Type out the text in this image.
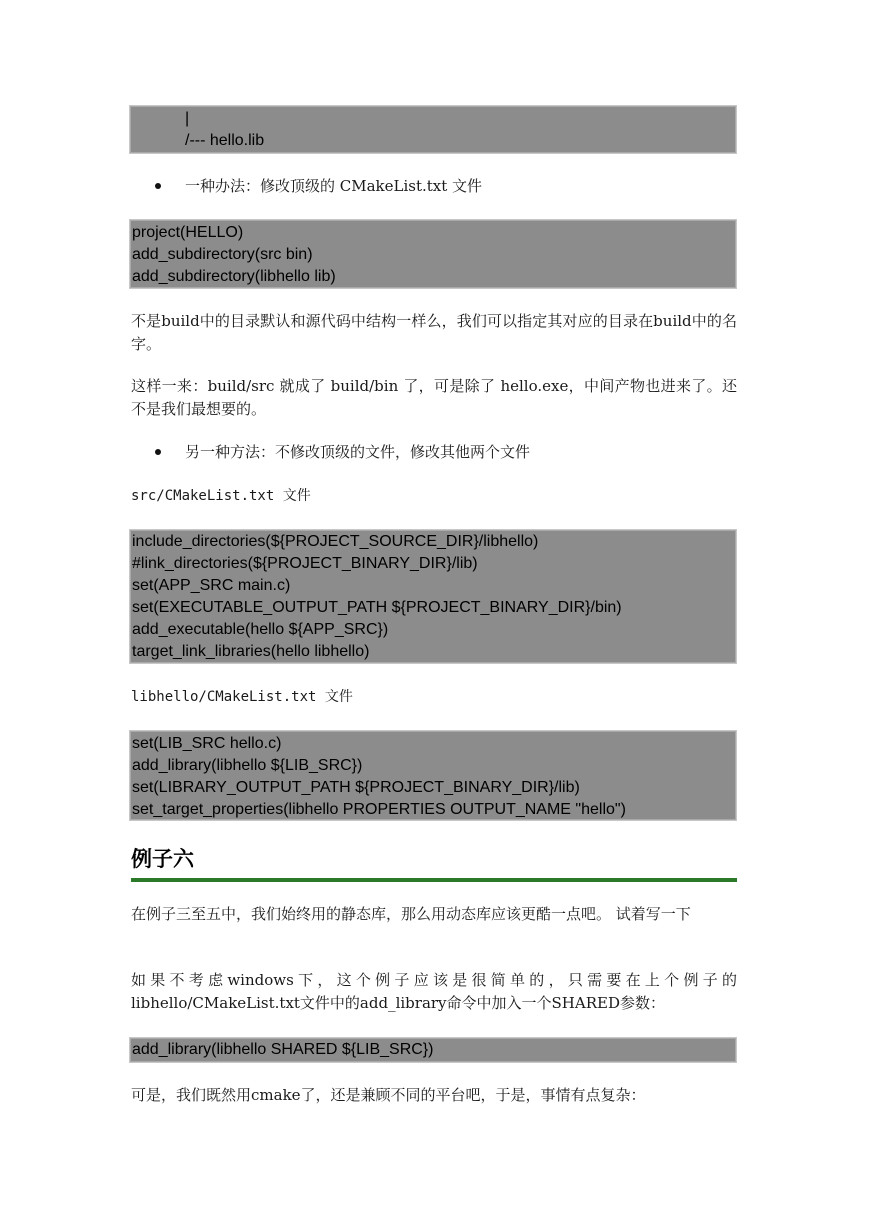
|
/--- hello.lib
一种办法：修改顶级的 CMakeList.txt 文件
project(HELLO)
add_subdirectory(src bin)
add_subdirectory(libhello lib)

不是build中的目录默认和源代码中结构一样么，我们可以指定其对应的目录在build中的名字。

这样一来：build/src 就成了 build/bin 了，可是除了 hello.exe，中间产物也进来了。还不是我们最想要的。

另一种方法：不修改顶级的文件，修改其他两个文件
src/CMakeList.txt 文件
include_directories(${PROJECT_SOURCE_DIR}/libhello)
#link_directories(${PROJECT_BINARY_DIR}/lib)
set(APP_SRC main.c)
set(EXECUTABLE_OUTPUT_PATH ${PROJECT_BINARY_DIR}/bin)
add_executable(hello ${APP_SRC})
target_link_libraries(hello libhello)
libhello/CMakeList.txt 文件
set(LIB_SRC hello.c)
add_library(libhello ${LIB_SRC})
set(LIBRARY_OUTPUT_PATH ${PROJECT_BINARY_DIR}/lib)
set_target_properties(libhello PROPERTIES OUTPUT_NAME "hello")
例子六

在例子三至五中，我们始终用的静态库，那么用动态库应该更酷一点吧。 试着写一下

如果不考虑windows下，这个例子应该是很简单的，只需要在上个例子的libhello/CMakeList.txt文件中的add_library命令中加入一个SHARED参数：

add_library(libhello SHARED ${LIB_SRC})

可是，我们既然用cmake了，还是兼顾不同的平台吧，于是，事情有点复杂：
